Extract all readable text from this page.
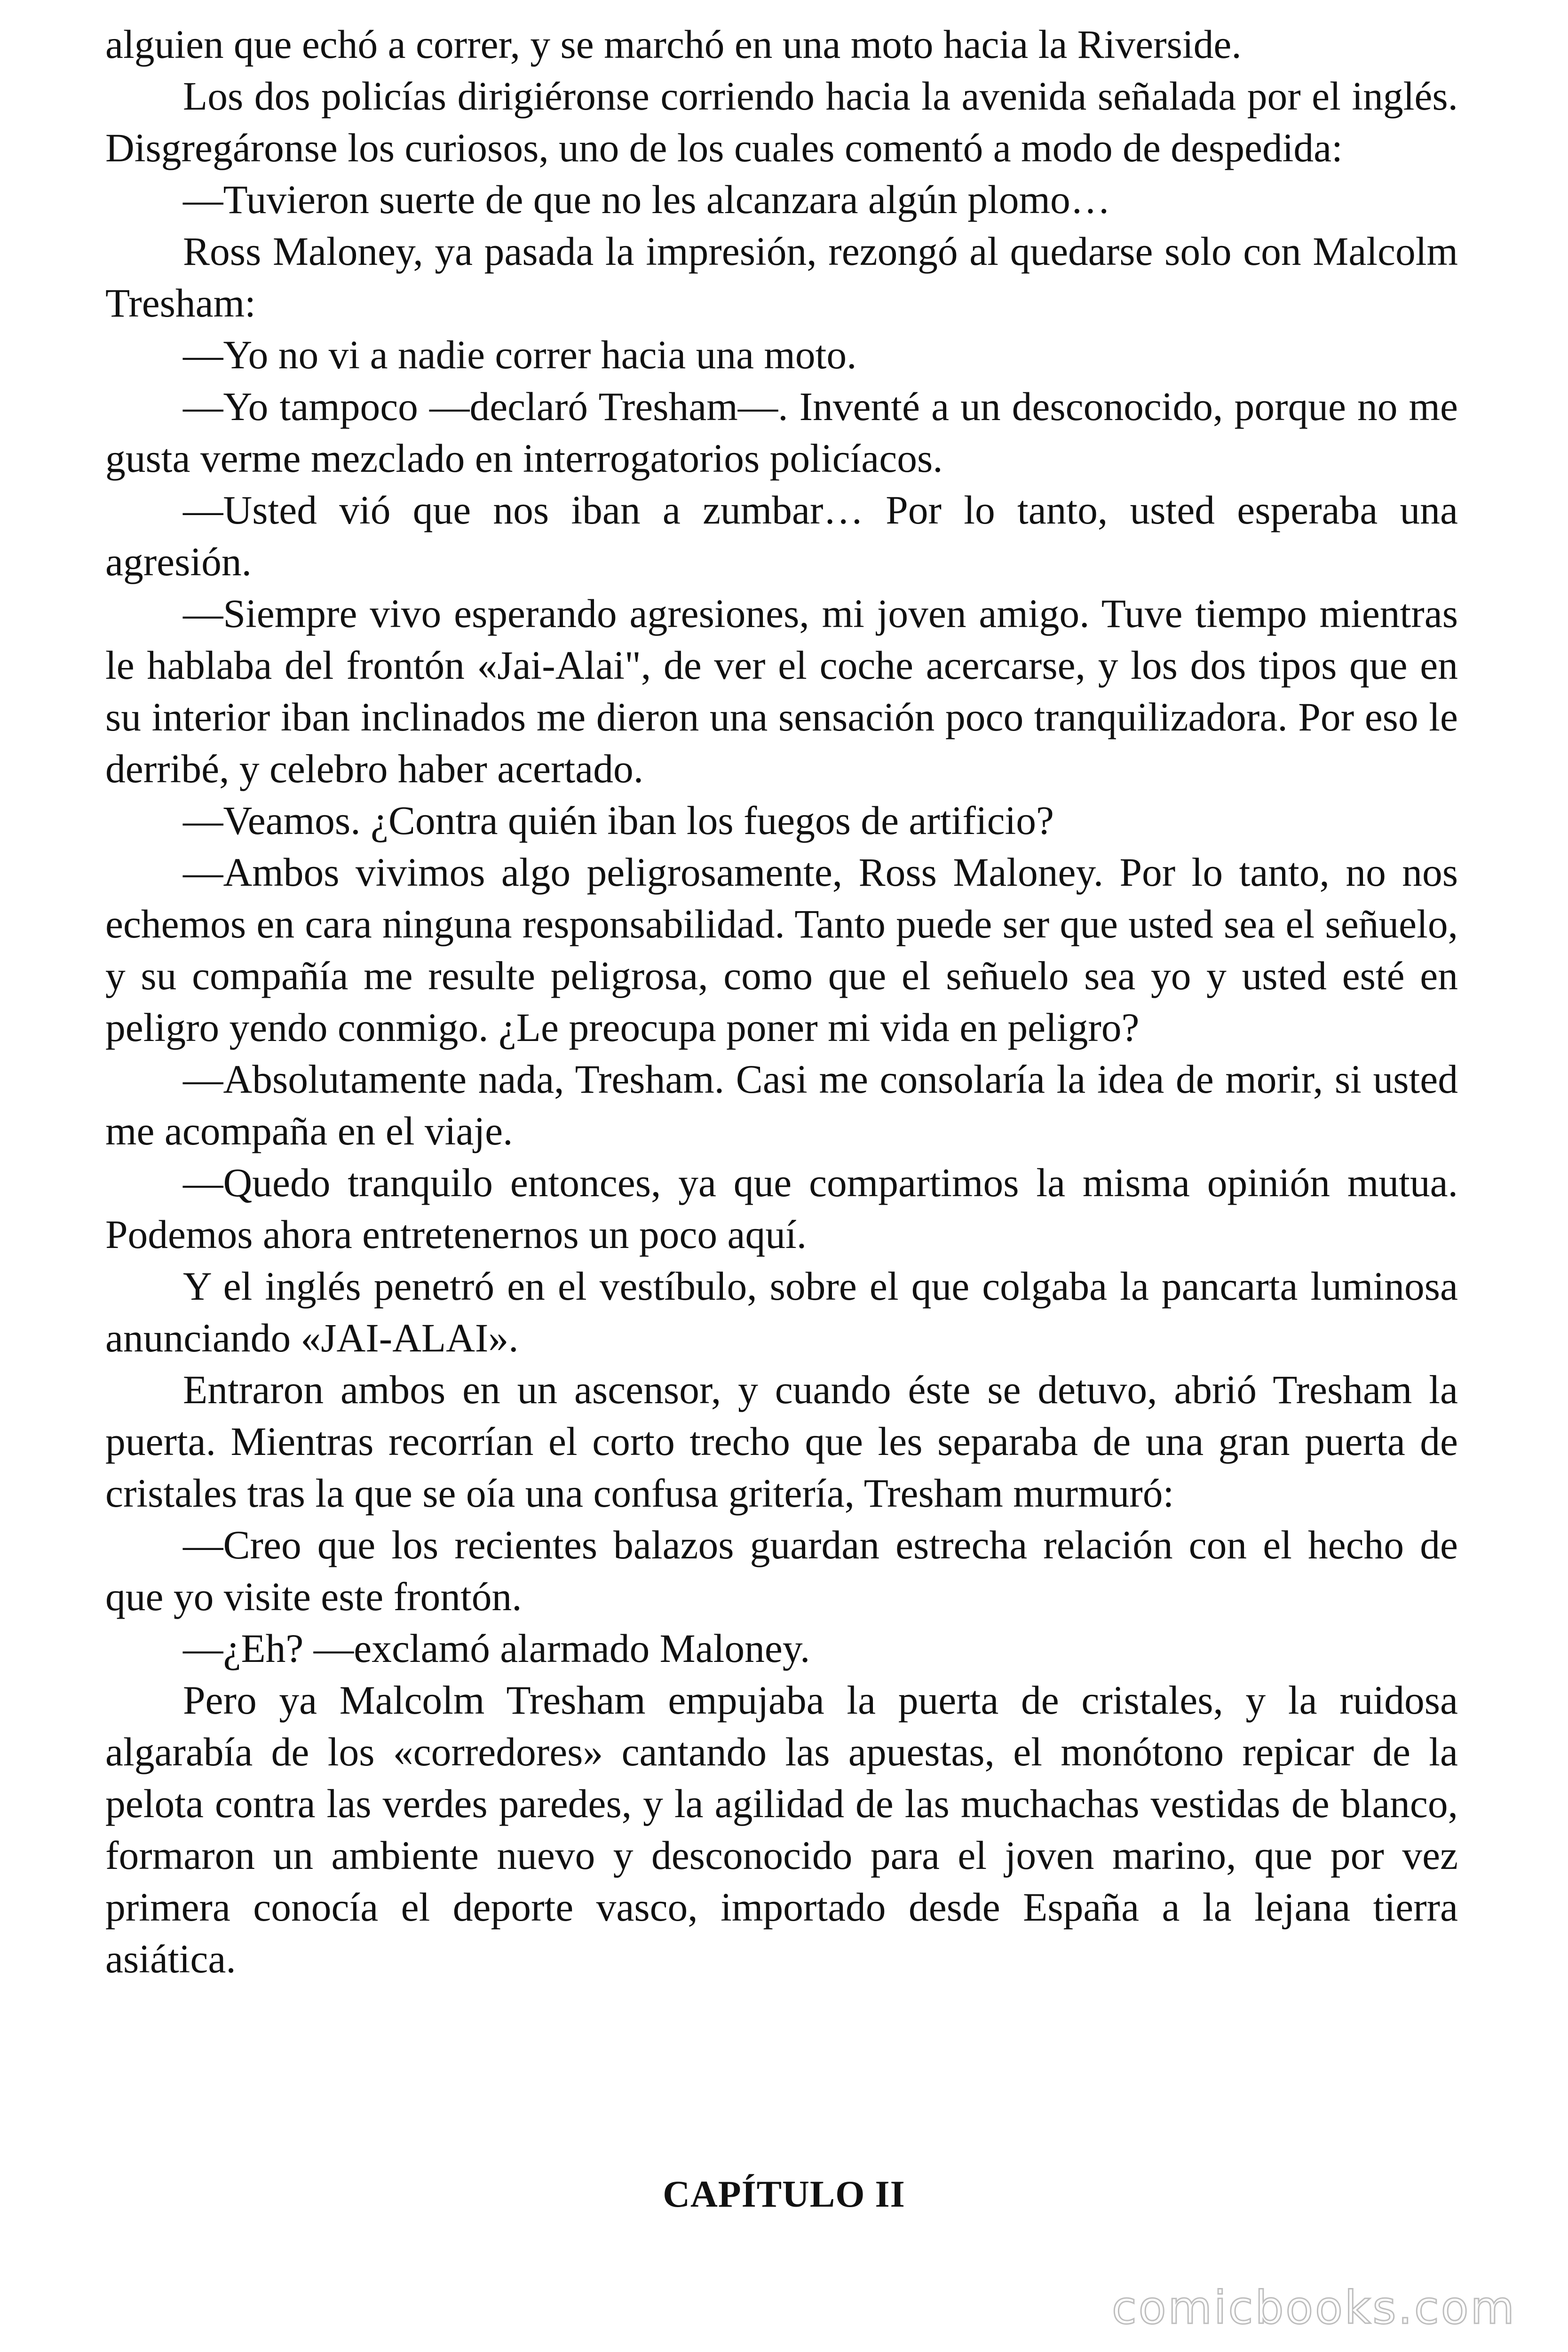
alguien que echó a correr, y se marchó en una moto hacia la Riverside.

Los dos policías dirigiéronse corriendo hacia la avenida señalada por el inglés. Disgregáronse los curiosos, uno de los cuales comentó a modo de despedida:

—Tuvieron suerte de que no les alcanzara algún plomo…

Ross Maloney, ya pasada la impresión, rezongó al quedarse solo con Malcolm Tresham:

—Yo no vi a nadie correr hacia una moto.

—Yo tampoco —declaró Tresham—. Inventé a un desconocido, porque no me gusta verme mezclado en interrogatorios policíacos.

—Usted vió que nos iban a zumbar… Por lo tanto, usted esperaba una agresión.

—Siempre vivo esperando agresiones, mi joven amigo. Tuve tiempo mientras le hablaba del frontón «Jai-Alai", de ver el coche acercarse, y los dos tipos que en su interior iban inclinados me dieron una sensación poco tranquilizadora. Por eso le derribé, y celebro haber acertado.

—Veamos. ¿Contra quién iban los fuegos de artificio?

—Ambos vivimos algo peligrosamente, Ross Maloney. Por lo tanto, no nos echemos en cara ninguna responsabilidad. Tanto puede ser que usted sea el señuelo, y su compañía me resulte peligrosa, como que el señuelo sea yo y usted esté en peligro yendo conmigo. ¿Le preocupa poner mi vida en peligro?

—Absolutamente nada, Tresham. Casi me consolaría la idea de morir, si usted me acompaña en el viaje.

—Quedo tranquilo entonces, ya que compartimos la misma opinión mutua. Podemos ahora entretenernos un poco aquí.

Y el inglés penetró en el vestíbulo, sobre el que colgaba la pancarta luminosa anunciando «JAI-ALAI».

Entraron ambos en un ascensor, y cuando éste se detuvo, abrió Tresham la puerta. Mientras recorrían el corto trecho que les separaba de una gran puerta de cristales tras la que se oía una confusa gritería, Tresham murmuró:

—Creo que los recientes balazos guardan estrecha relación con el hecho de que yo visite este frontón.

—¿Eh? —exclamó alarmado Maloney.

Pero ya Malcolm Tresham empujaba la puerta de cristales, y la ruidosa algarabía de los «corredores» cantando las apuestas, el monótono repicar de la pelota contra las verdes paredes, y la agilidad de las muchachas vestidas de blanco, formaron un ambiente nuevo y desconocido para el joven marino, que por vez primera conocía el deporte vasco, importado desde España a la lejana tierra asiática.

CAPÍTULO II
comicbooks.com
